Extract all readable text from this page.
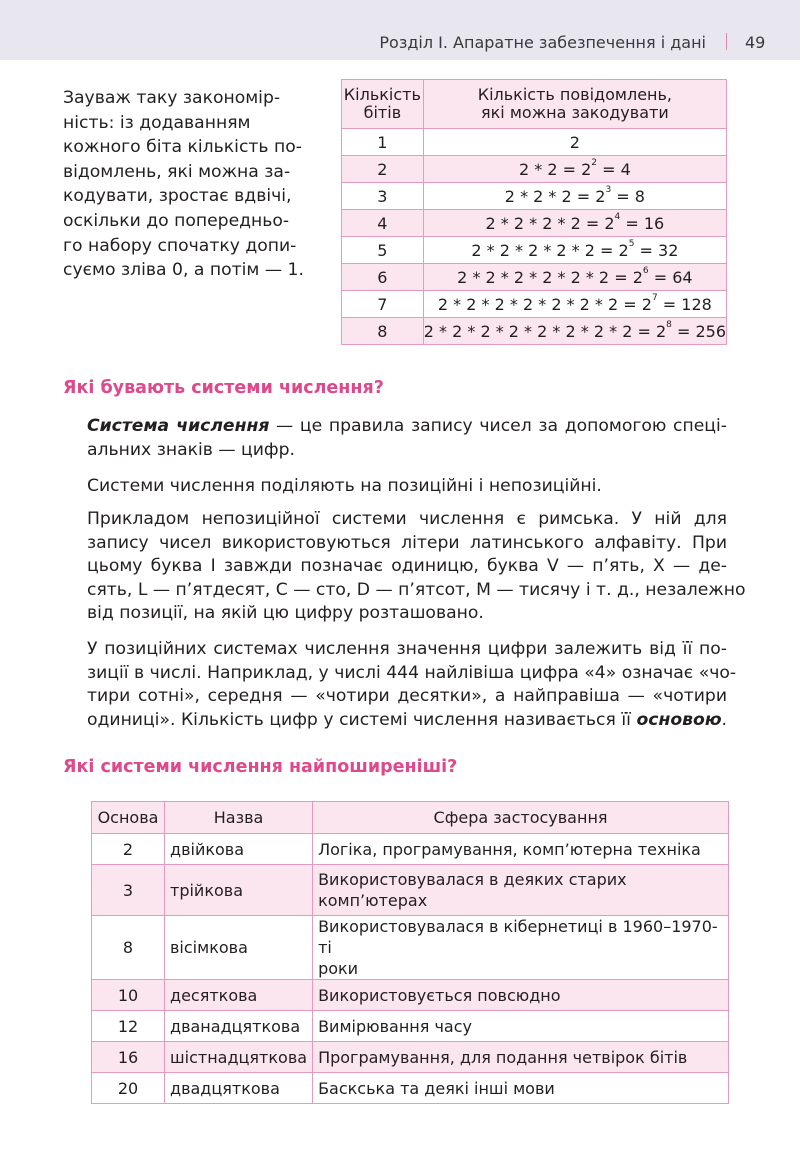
Розділ I. Апаратне забезпечення і дані 49
Зауваж таку закономір-
ність: із додаванням
кожного біта кількість по-
відомлень, які можна за-
кодувати, зростає вдвічі,
оскільки до попередньо-
го набору спочатку допи-
суємо зліва 0, а потім — 1.
Кількість
бітів	Кількість повідомлень,
які можна закодувати
1	2
2	$2 * 2 = 2^2 = 4$
3	$2 * 2 * 2 = 2^3 = 8$
4	$2 * 2 * 2 * 2 = 2^4 = 16$
5	$2 * 2 * 2 * 2 * 2 = 2^5 = 32$
6	$2 * 2 * 2 * 2 * 2 * 2 = 2^6 = 64$
7	$2 * 2 * 2 * 2 * 2 * 2 * 2 = 2^7 = 128$
8	$2 * 2 * 2 * 2 * 2 * 2 * 2 * 2 = 2^8 = 256$
Які бувають системи числення?
Система числення — це правила запису чисел за допомогою спеці-
альних знаків — цифр.
Системи числення поділяють на позиційні і непозиційні.
Прикладом непозиційної системи числення є римська. У ній для
запису чисел використовуються літери латинського алфавіту. При
цьому буква I завжди позначає одиницю, буква V — п’ять, X — де-
сять, L — п’ятдесят, C — сто, D — п’ятсот, M — тисячу і т. д., незалежно
від позиції, на якій цю цифру розташовано.
У позиційних системах числення значення цифри залежить від її по-
зиції в числі. Наприклад, у числі 444 найлівіша цифра «4» означає «чо-
тири сотні», середня — «чотири десятки», а найправіша — «чотири
одиниці». Кількість цифр у системі числення називається її основою.
Які системи числення найпоширеніші?
Основа	Назва	Сфера застосування
2	двійкова	Логіка, програмування, комп’ютерна техніка
3	трійкова	Використовувалася в деяких старих
комп’ютерах
8	вісімкова	Використовувалася в кібернетиці в 1960–1970-ті
роки
10	десяткова	Використовується повсюдно
12	дванадцяткова	Вимірювання часу
16	шістнадцяткова	Програмування, для подання четвірок бітів
20	двадцяткова	Баскська та деякі інші мови
